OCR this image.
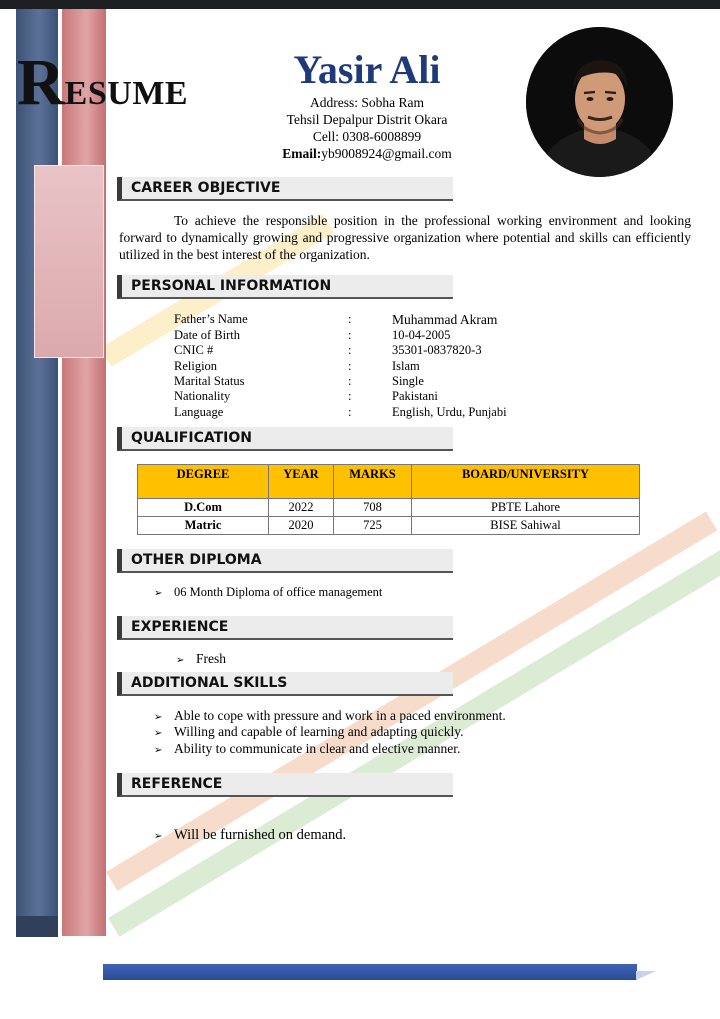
RESUME
Yasir Ali
Address: Sobha Ram
Tehsil Depalpur Distrit Okara
Cell: 0308-6008899
Email:yb9008924@gmail.com
CAREER OBJECTIVE
To achieve the responsible position in the professional working environment and looking forward to dynamically growing and progressive organization where potential and skills can efficiently utilized in the best interest of the organization.
PERSONAL INFORMATION
Father’s Name	:	Muhammad Akram
Date of Birth	:	10-04-2005
CNIC #	:	35301-0837820-3
Religion	:	Islam
Marital Status	:	Single
Nationality	:	Pakistani
Language	:	English, Urdu, Punjabi
QUALIFICATION
DEGREE	YEAR	MARKS	BOARD/UNIVERSITY
D.Com	2022	708	PBTE Lahore
Matric	2020	725	BISE Sahiwal
OTHER DIPLOMA
➢ 06 Month Diploma of office management
EXPERIENCE
➢ Fresh
ADDITIONAL SKILLS
➢ Able to cope with pressure and work in a paced environment.
➢ Willing and capable of learning and adapting quickly.
➢ Ability to communicate in clear and elective manner.
REFERENCE
➢ Will be furnished on demand.
